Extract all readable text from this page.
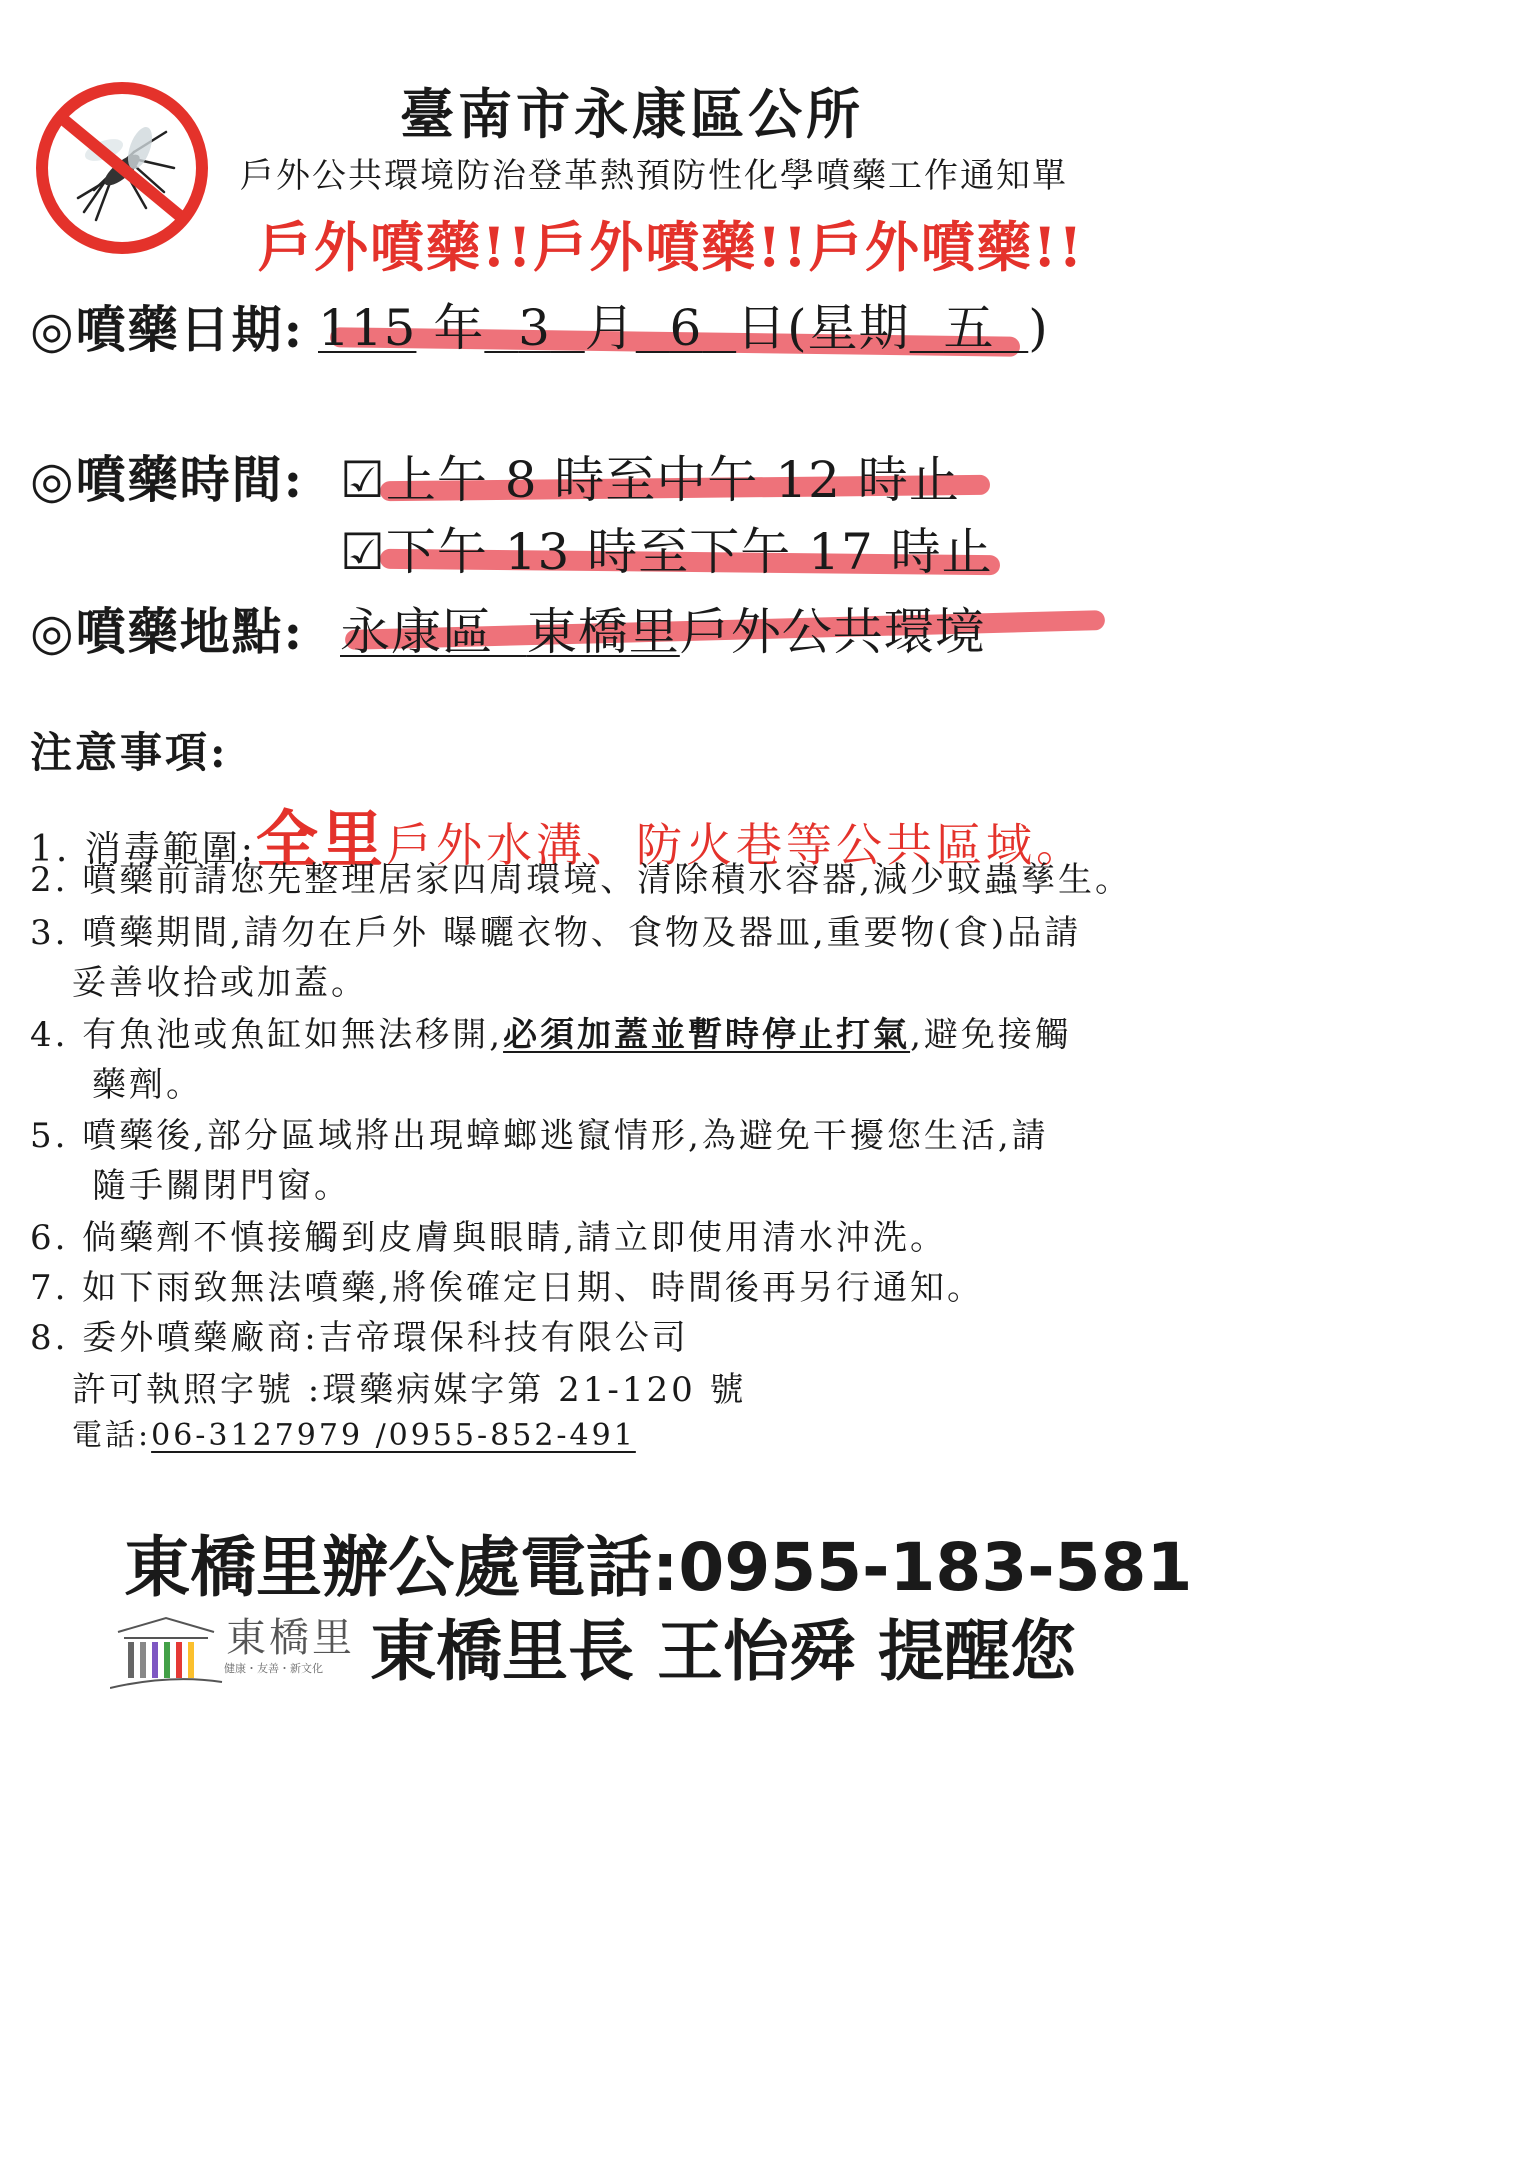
臺南市永康區公所
戶外公共環境防治登革熱預防性化學噴藥工作通知單
戶外噴藥!!戶外噴藥!!戶外噴藥!!
◎噴藥日期: 115 年 3 月 6 日(星期 五 )
◎噴藥時間: ☑上午 8 時至中午 12 時止
☑下午 13 時至下午 17 時止
◎噴藥地點: 永康區 東橋里戶外公共環境
注意事項:
1. 消毒範圍:全里戶外水溝、防火巷等公共區域。
2. 噴藥前請您先整理居家四周環境、清除積水容器,減少蚊蟲孳生。
3. 噴藥期間,請勿在戶外 曝曬衣物、食物及器皿,重要物(食)品請
妥善收拾或加蓋。
4. 有魚池或魚缸如無法移開,必須加蓋並暫時停止打氣,避免接觸
藥劑。
5. 噴藥後,部分區域將出現蟑螂逃竄情形,為避免干擾您生活,請
隨手關閉門窗。
6. 倘藥劑不慎接觸到皮膚與眼睛,請立即使用清水沖洗。
7. 如下雨致無法噴藥,將俟確定日期、時間後再另行通知。
8. 委外噴藥廠商:吉帝環保科技有限公司
許可執照字號 :環藥病媒字第 21-120 號
電話:06-3127979 /0955-852-491
東橋里辦公處電話:0955-183-581
東橋里
健康・友善・新文化 東橋里長 王怡舜 提醒您
